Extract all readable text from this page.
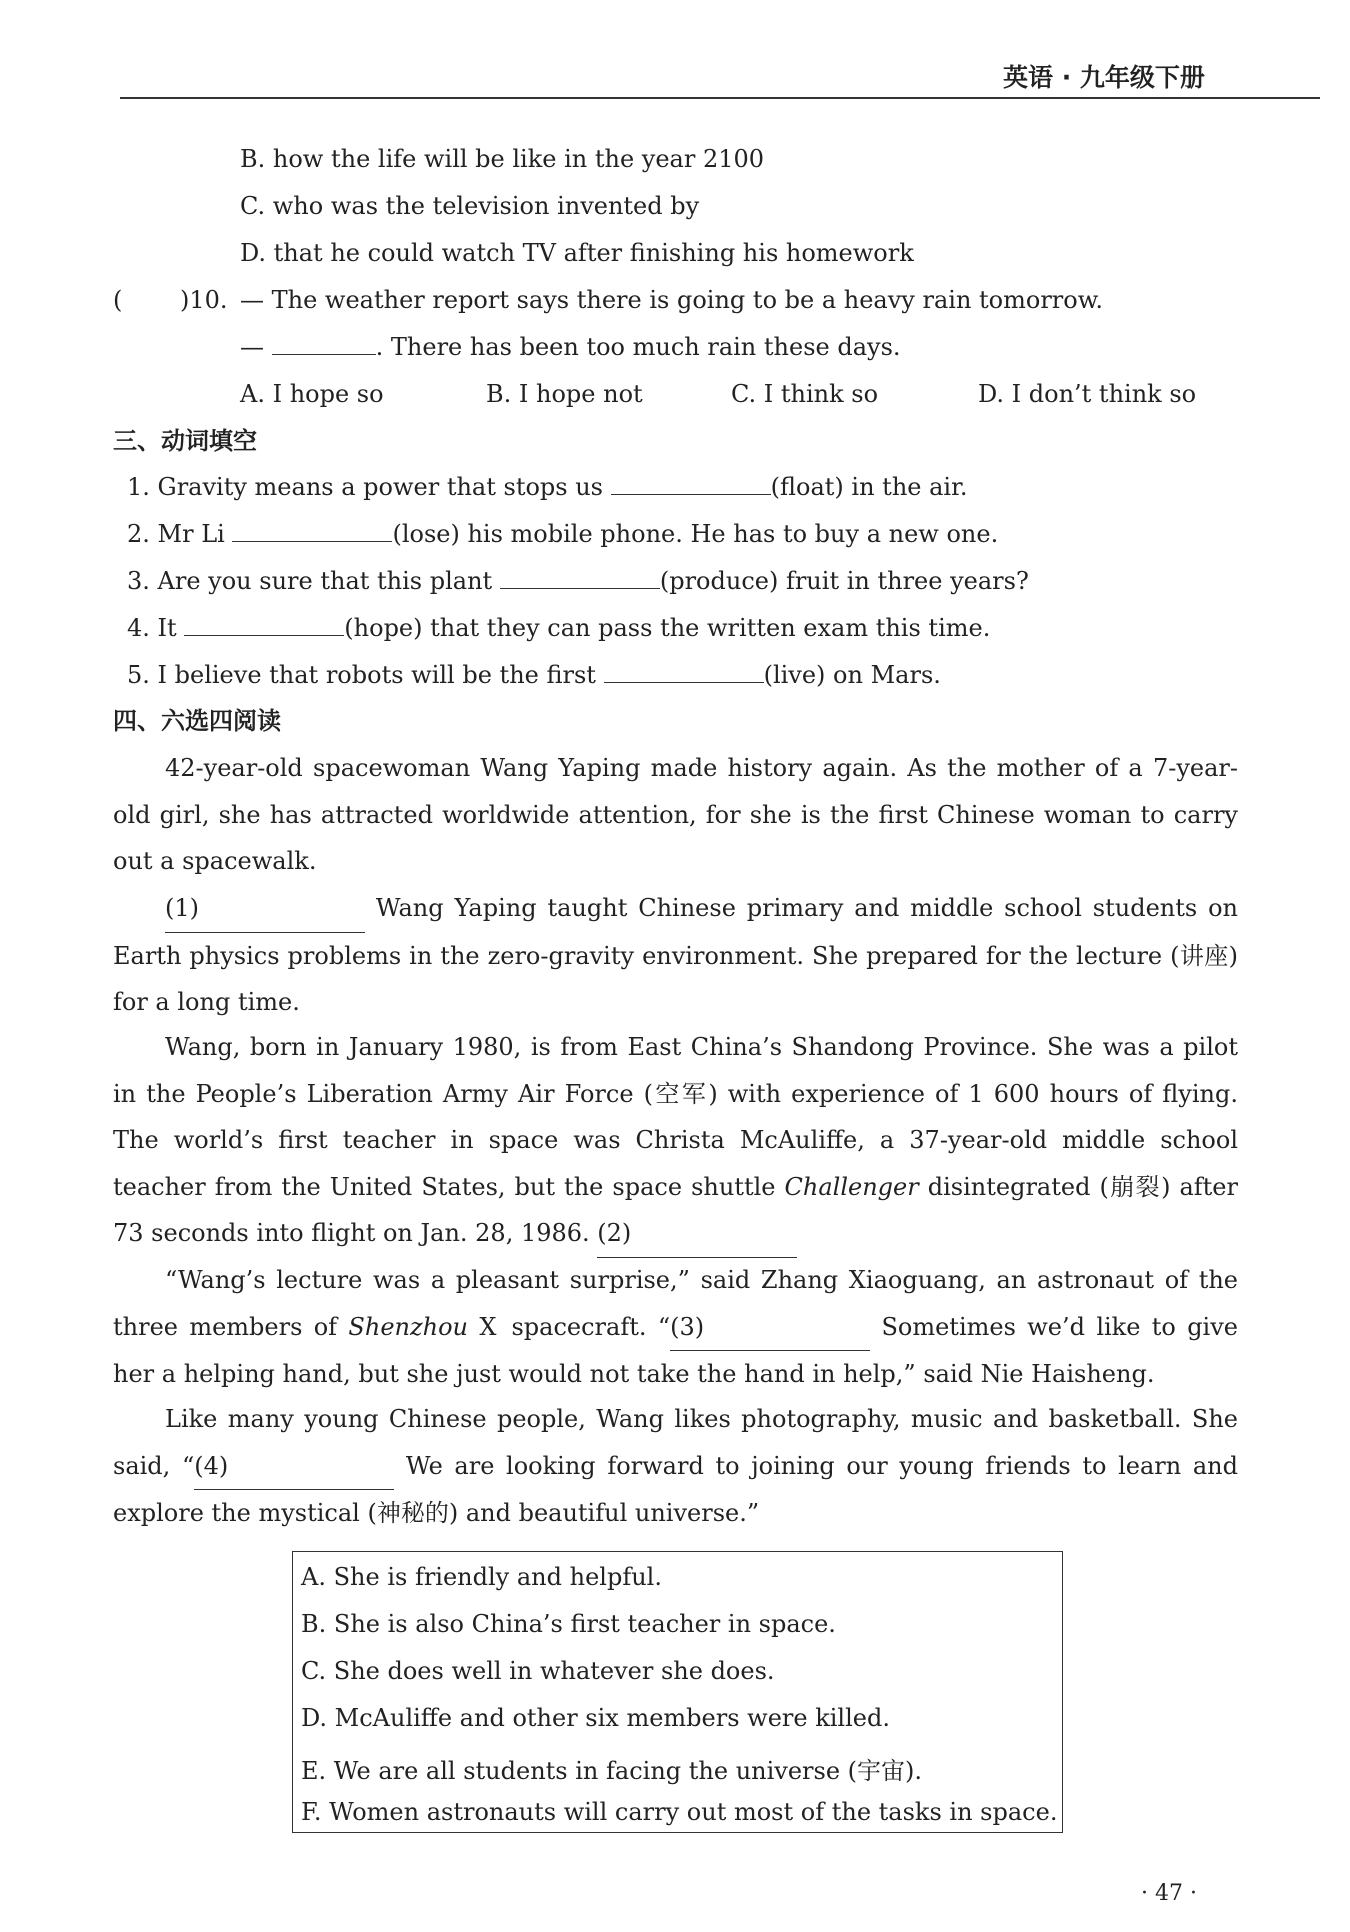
英语 · 九年级下册
B. how the life will be like in the year 2100
C. who was the television invented by
D. that he could watch TV after finishing his homework
( )10. — The weather report says there is going to be a heavy rain tomorrow.
—	. There has been too much rain these days.
A. I hope so	B. I hope not	C. I think so	D. I don’t think so
三、动词填空
1. Gravity means a power that stops us	(float) in the air.
2. Mr Li	(lose) his mobile phone. He has to buy a new one.
3. Are you sure that this plant	(produce) fruit in three years?
4. It	(hope) that they can pass the written exam this time.
5. I believe that robots will be the first	(live) on Mars.
四、六选四阅读

42-year-old spacewoman Wang Yaping made history again. As the mother of a 7-year-old girl, she has attracted worldwide attention, for she is the first Chinese woman to carry out a spacewalk.

(1)	Wang Yaping taught Chinese primary and middle school students on Earth physics problems in the zero-gravity environment. She prepared for the lecture (讲座) for a long time.

Wang, born in January 1980, is from East China’s Shandong Province. She was a pilot in the People’s Liberation Army Air Force (空军) with experience of 1 600 hours of flying. The world’s first teacher in space was Christa McAuliffe, a 37-year-old middle school teacher from the United States, but the space shuttle Challenger disintegrated (崩裂) after 73 seconds into flight on Jan. 28, 1986. (2)

“Wang’s lecture was a pleasant surprise,” said Zhang Xiaoguang, an astronaut of the three members of Shenzhou Ⅹ spacecraft. “(3)	Sometimes we’d like to give her a helping hand, but she just would not take the hand in help,” said Nie Haisheng.

Like many young Chinese people, Wang likes photography, music and basketball. She said, “(4)	We are looking forward to joining our young friends to learn and explore the mystical (神秘的) and beautiful universe.”

A. She is friendly and helpful.
B. She is also China’s first teacher in space.
C. She does well in whatever she does.
D. McAuliffe and other six members were killed.
E. We are all students in facing the universe (宇宙).
F. Women astronauts will carry out most of the tasks in space.
· 47 ·
